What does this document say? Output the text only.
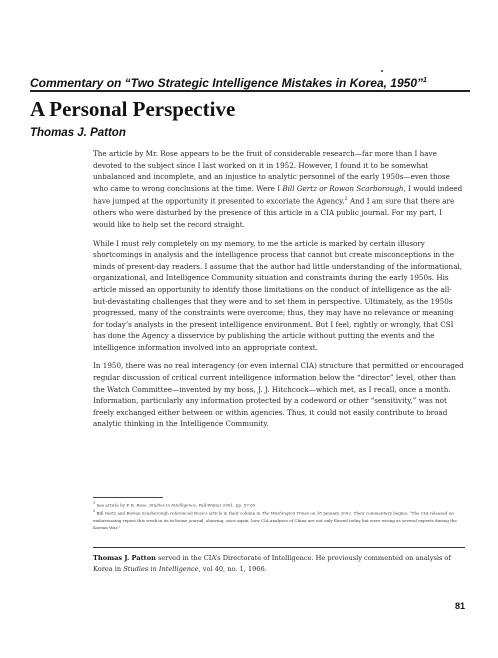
Commentary on “Two Strategic Intelligence Mistakes in Korea, 1950”$^1$
A Personal Perspective
Thomas J. Patton

The article by Mr. Rose appears to be the fruit of considerable research—far more than I have devoted to the subject since I last worked on it in 1952. However, I found it to be somewhat unbalanced and incomplete, and an injustice to analytic personnel of the early 1950s—even those who came to wrong conclusions at the time. Were I Bill Gertz or Rowan Scarborough, I would indeed have jumped at the opportunity it presented to excoriate the Agency.$^2$ And I am sure that there are others who were disturbed by the presence of this article in a CIA public journal. For my part, I would like to help set the record straight.

While I must rely completely on my memory, to me the article is marked by certain illusory shortcomings in analysis and the intelligence process that cannot but create misconceptions in the minds of present-day readers. I assume that the author had little understanding of the informational, organizational, and Intelligence Community situation and constraints during the early 1950s. His article missed an opportunity to identify those limitations on the conduct of intelligence as the all-but-devastating challenges that they were and to set them in perspective. Ultimately, as the 1950s progressed, many of the constraints were overcome; thus, they may have no relevance or meaning for today’s analysts in the present intelligence environment. But I feel, rightly or wrongly, that CSI has done the Agency a disservice by publishing the article without putting the events and the intelligence information involved into an appropriate context.

In 1950, there was no real interagency (or even internal CIA) structure that permitted or encouraged regular discussion of critical current intelligence information below the “director” level, other than the Watch Committee—invented by my boss, J. J. Hitchcock—which met, as I recall, once a month. Information, particularly any information protected by a codeword or other “sensitivity,” was not freely exchanged either between or within agencies. Thus, it could not easily contribute to broad analytic thinking in the Intelligence Community.

$^1$ See article by P. K. Rose, Studies in Intelligence, Fall-Winter 2001, pp. 57-65.

$^2$ Bill Gertz and Rowan Scarborough referenced Rose’s article in their column in The Washington Times on 18 January 2002. Their commentary begins: “The CIA released an embarrassing report this week in its in-house journal, showing, once again, how CIA analyses of China are not only flawed today but were wrong as several experts during the Korean War.”

Thomas J. Patton served in the CIA’s Directorate of Intelligence. He previously commented on analysis of Korea in Studies in Intelligence, vol 40, no. 1, 1966.
81
